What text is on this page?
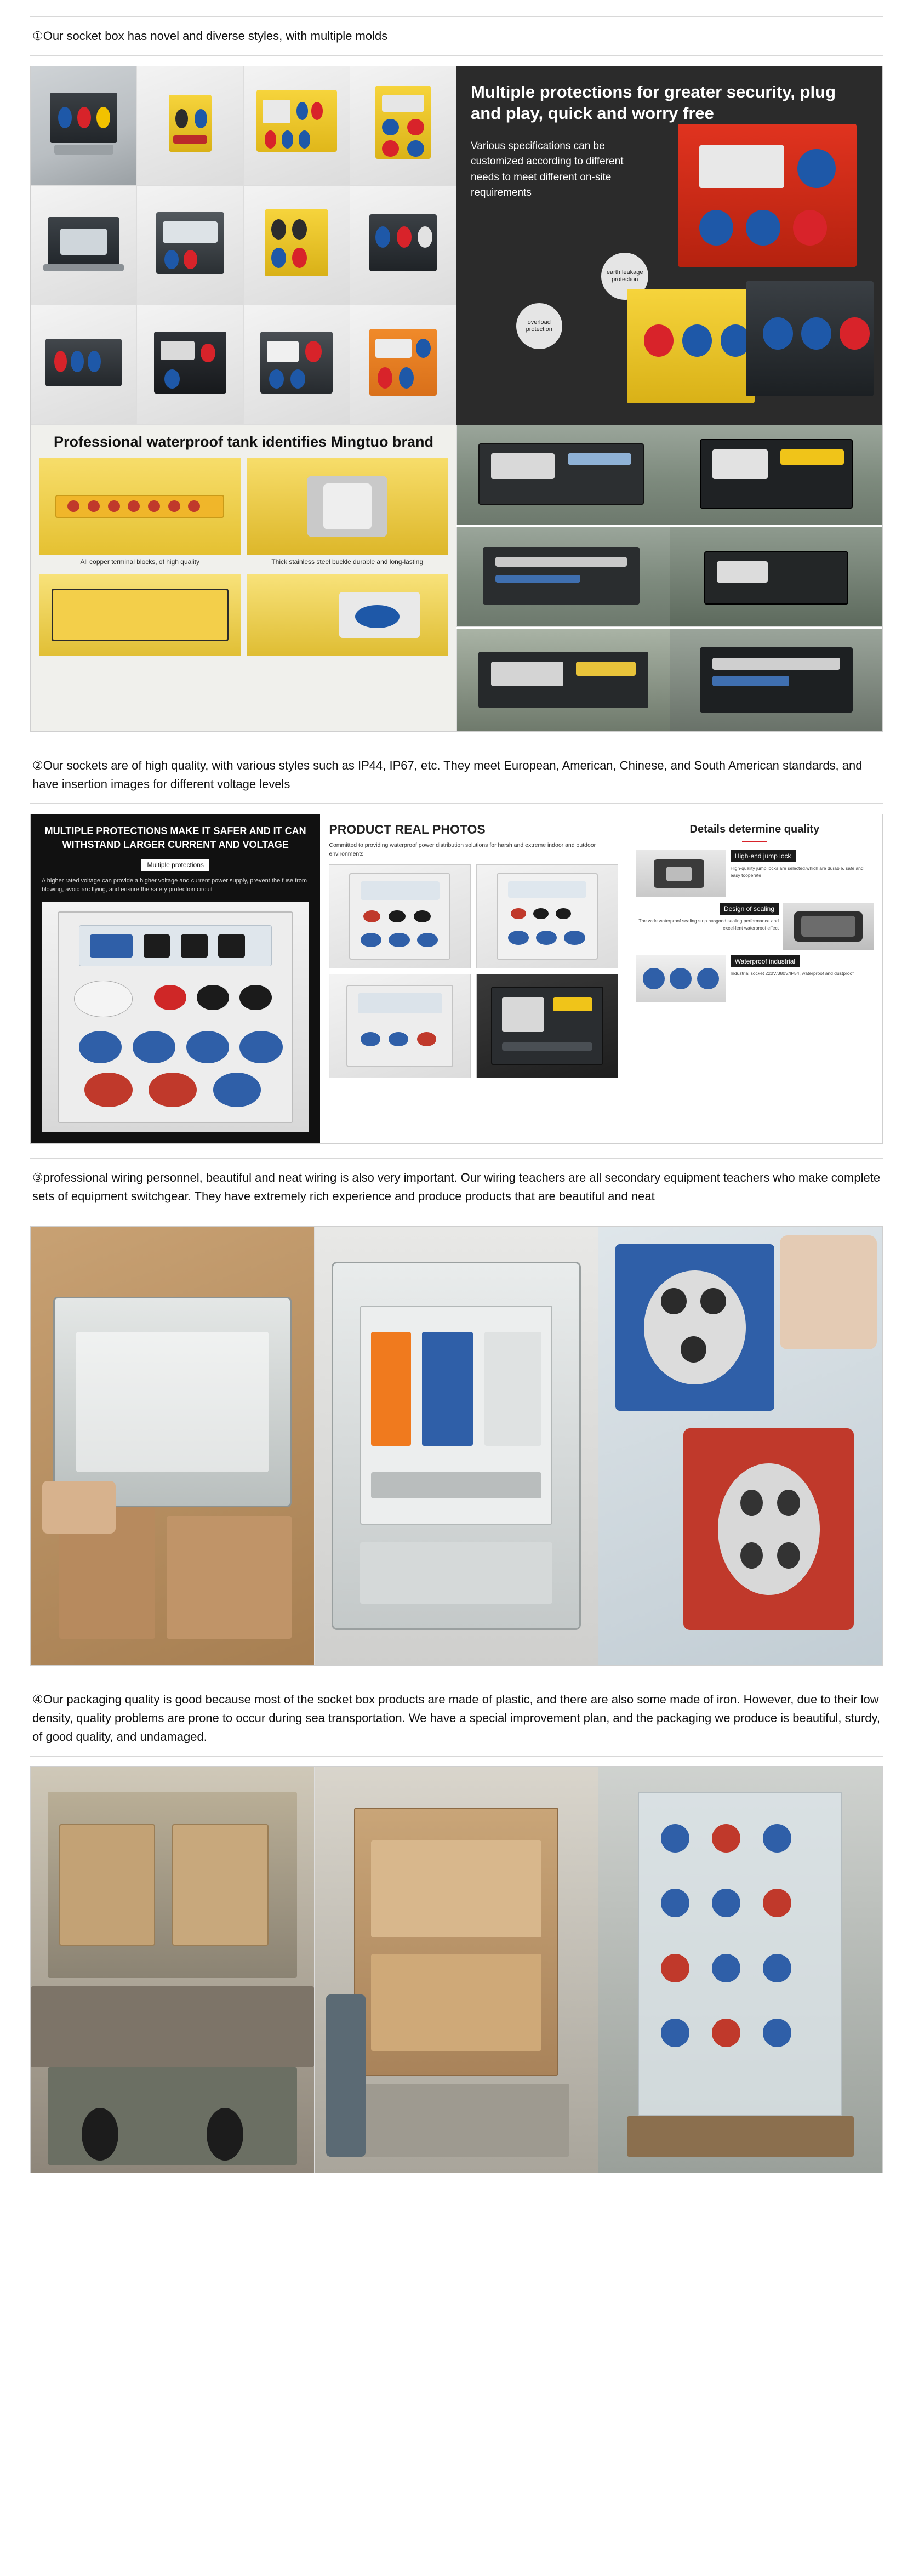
①Our socket box has novel and diverse styles, with multiple molds
Multiple protections for greater security, plug and play, quick and worry free

Various specifications can be customized according to different needs to meet different on-site requirements

earth leakage protection
overload protection
Professional waterproof tank identifies Mingtuo brand
All copper terminal blocks, of high quality	Thick stainless steel buckle durable and long-lasting
②Our sockets are of high quality, with various styles such as IP44, IP67, etc. They meet European, American, Chinese, and South American standards, and have insertion images for different voltage levels
MULTIPLE PROTECTIONS MAKE IT SAFER AND IT CAN WITHSTAND LARGER CURRENT AND VOLTAGE
Multiple protections
A higher rated voltage can provide a higher voltage and current power supply, prevent the fuse from blowing, avoid arc flying, and ensure the safety protection circuit
PRODUCT REAL PHOTOS
Committed to providing waterproof power distribution solutions for harsh and extreme indoor and outdoor environments
Details determine quality
High-end jump lock
High-quality jump locks are selected,which are durable, safe and easy tooperate
Design of sealing
The wide waterproof sealing strip hasgood sealing performance and excel-lent waterproof effect
Waterproof industrial
Industrial socket 220V/380V/IP54, waterproof and dustproof
③professional wiring personnel, beautiful and neat wiring is also very important. Our wiring teachers are all secondary equipment teachers who make complete sets of equipment switchgear. They have extremely rich experience and produce products that are beautiful and neat
④Our packaging quality is good because most of the socket box products are made of plastic, and there are also some made of iron. However, due to their low density, quality problems are prone to occur during sea transportation. We have a special improvement plan, and the packaging we produce is beautiful, sturdy, of good quality, and undamaged.
